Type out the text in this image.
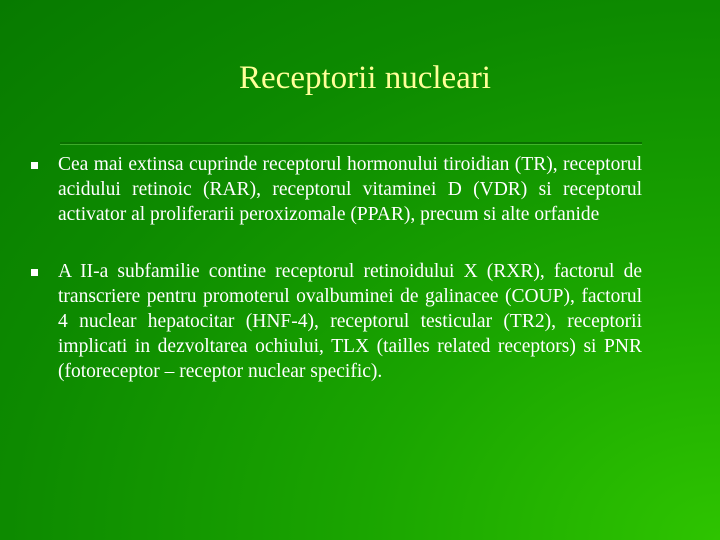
Receptorii nucleari
Cea mai extinsa cuprinde receptorul hormonului tiroidian (TR), receptorul acidului retinoic (RAR), receptorul vitaminei D (VDR) si receptorul activator al proliferarii peroxizomale (PPAR), precum si alte orfanide
A II-a subfamilie contine receptorul retinoidului X (RXR), factorul de transcriere pentru promoterul ovalbuminei de galinacee (COUP), factorul 4 nuclear hepatocitar (HNF-4), receptorul testicular (TR2), receptorii implicati in dezvoltarea ochiului, TLX (tailles related receptors) si PNR (fotoreceptor – receptor nuclear specific).
